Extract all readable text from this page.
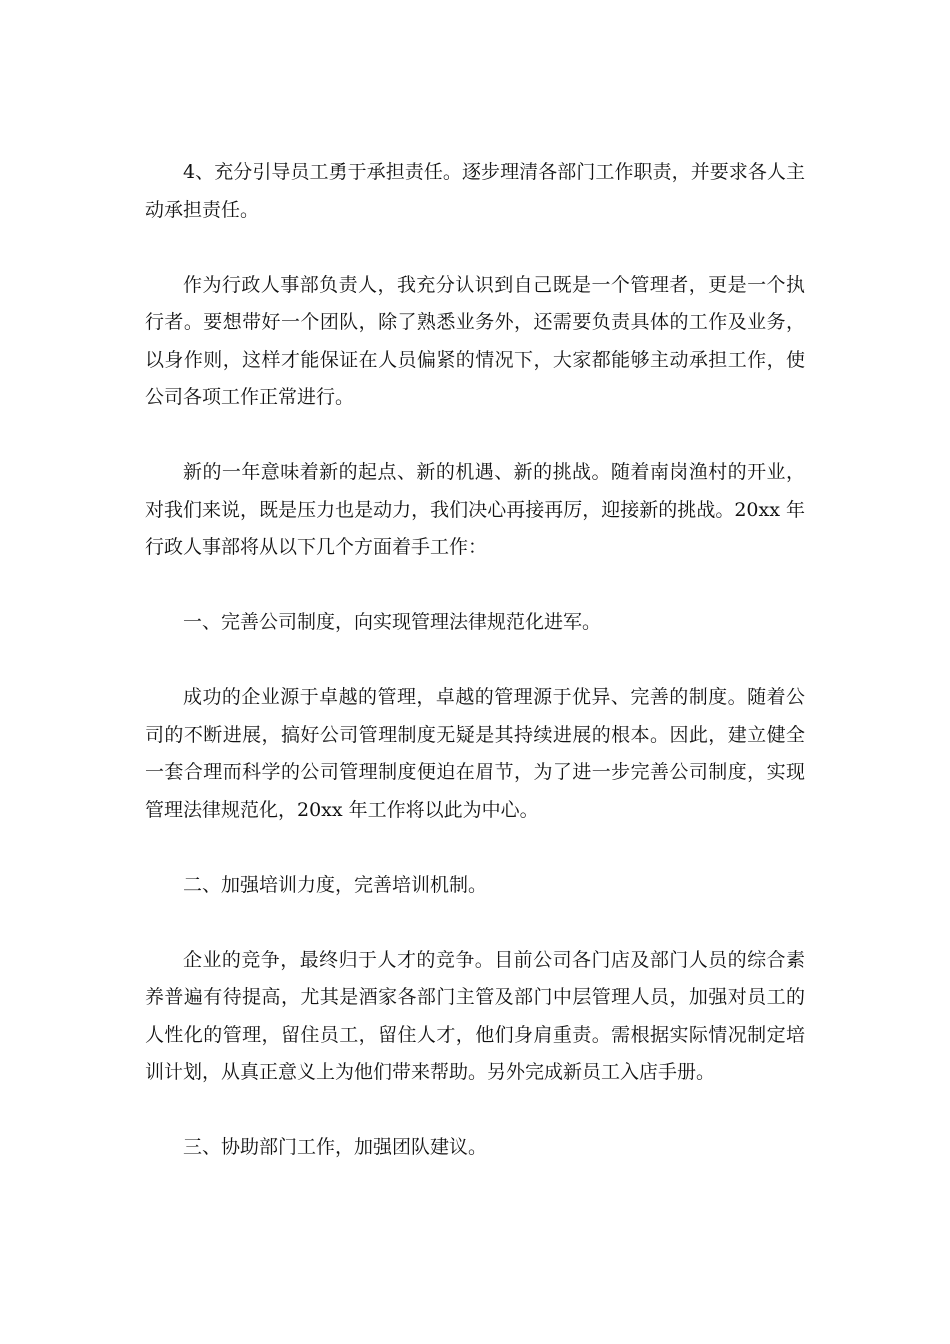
4、充分引导员工勇于承担责任。逐步理清各部门工作职责，并要求各人主动承担责任。

作为行政人事部负责人，我充分认识到自己既是一个管理者，更是一个执行者。要想带好一个团队，除了熟悉业务外，还需要负责具体的工作及业务，以身作则，这样才能保证在人员偏紧的情况下，大家都能够主动承担工作，使公司各项工作正常进行。

新的一年意味着新的起点、新的机遇、新的挑战。随着南岗渔村的开业，对我们来说，既是压力也是动力，我们决心再接再厉，迎接新的挑战。20xx 年行政人事部将从以下几个方面着手工作：

一、完善公司制度，向实现管理法律规范化进军。

成功的企业源于卓越的管理，卓越的管理源于优异、完善的制度。随着公司的不断进展，搞好公司管理制度无疑是其持续进展的根本。因此，建立健全一套合理而科学的公司管理制度便迫在眉节，为了进一步完善公司制度，实现管理法律规范化，20xx 年工作将以此为中心。

二、加强培训力度，完善培训机制。

企业的竞争，最终归于人才的竞争。目前公司各门店及部门人员的综合素养普遍有待提高，尤其是酒家各部门主管及部门中层管理人员，加强对员工的人性化的管理，留住员工，留住人才，他们身肩重责。需根据实际情况制定培训计划，从真正意义上为他们带来帮助。另外完成新员工入店手册。

三、协助部门工作，加强团队建议。
